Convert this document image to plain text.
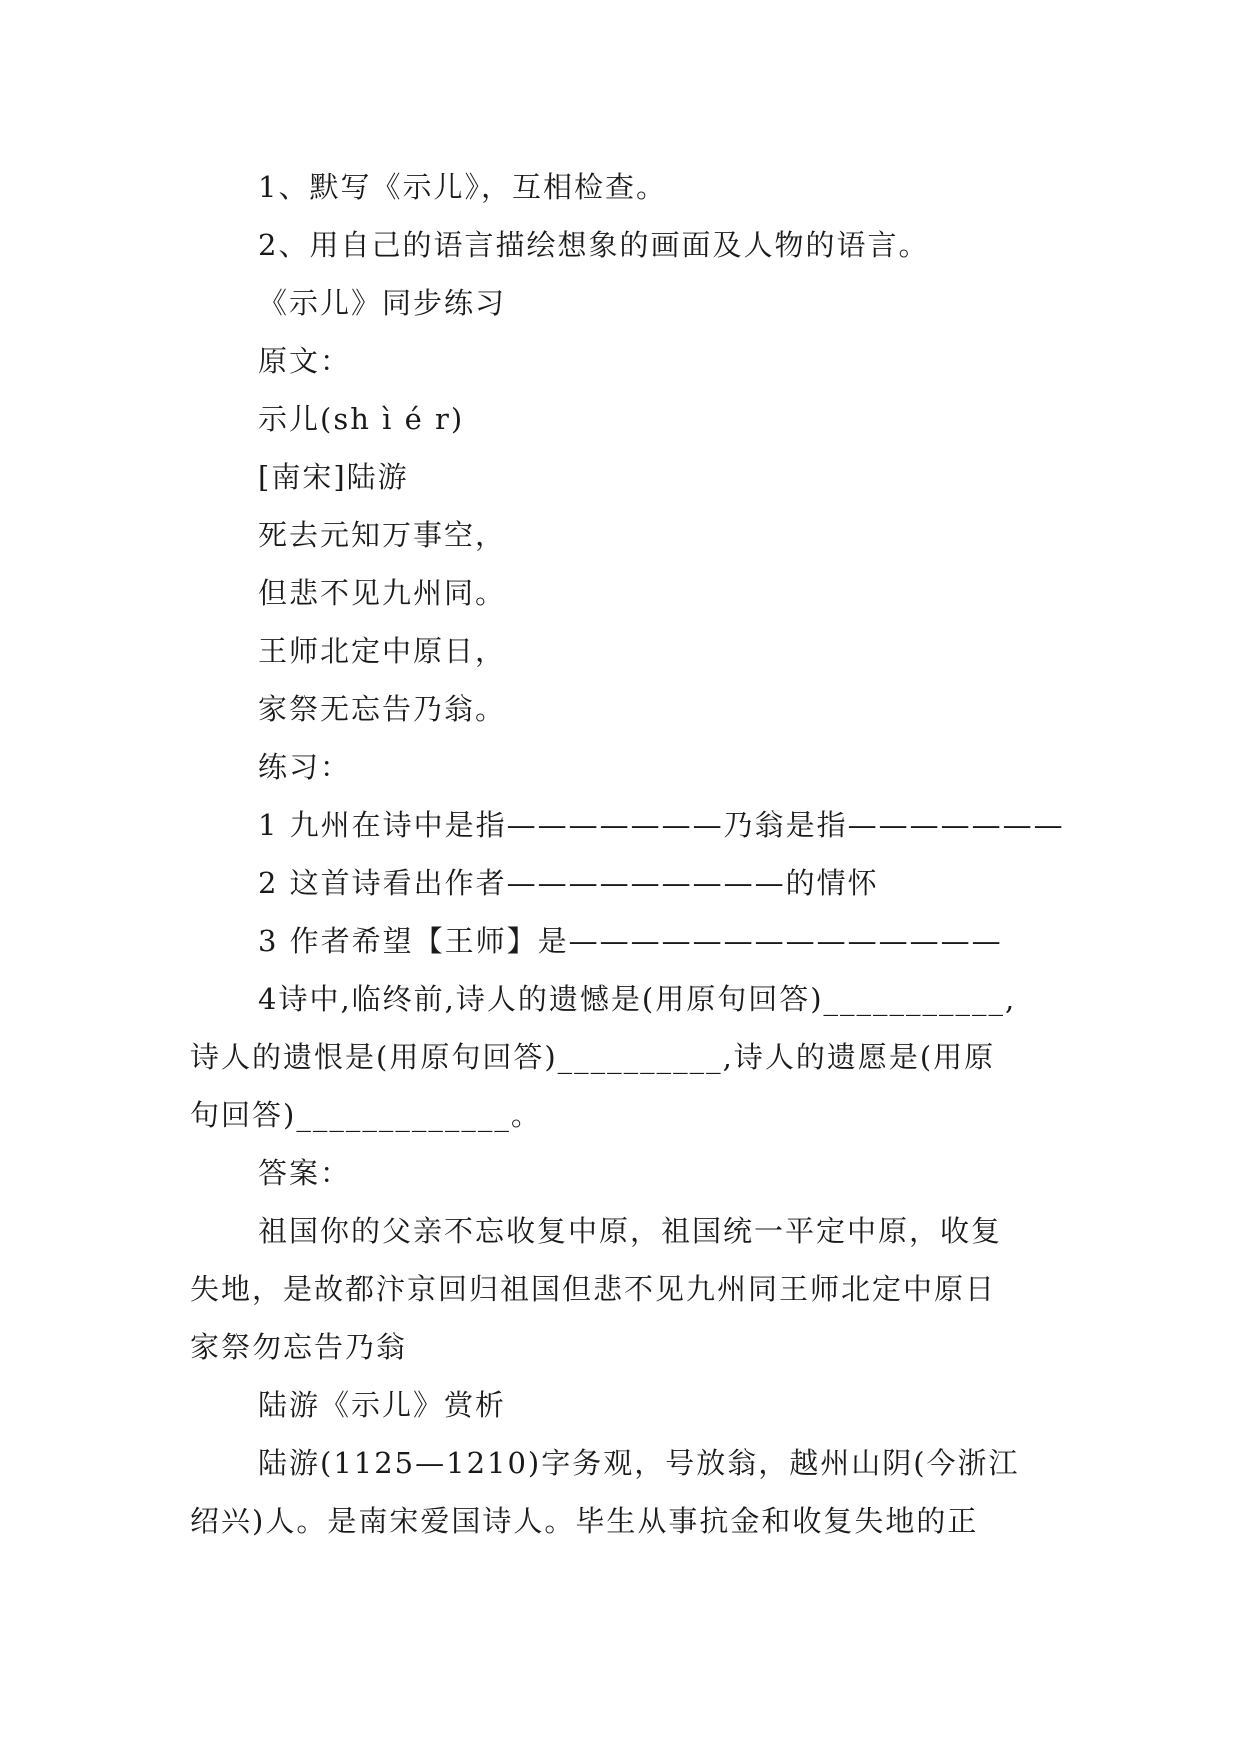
1、默写《示儿》，互相检查。
2、用自己的语言描绘想象的画面及人物的语言。
《示儿》同步练习
原文：
示儿(sh ì é r)
[南宋]陆游
死去元知万事空，
但悲不见九州同。
王师北定中原日，
家祭无忘告乃翁。
练习：
1 九州在诗中是指———————乃翁是指———————
2 这首诗看出作者—————————的情怀
3 作者希望【王师】是——————————————
4诗中,临终前,诗人的遗憾是(用原句回答)___________,
诗人的遗恨是(用原句回答)__________,诗人的遗愿是(用原
句回答)_____________。
答案：
祖国你的父亲不忘收复中原，祖国统一平定中原，收复
失地，是故都汴京回归祖国但悲不见九州同王师北定中原日
家祭勿忘告乃翁
陆游《示儿》赏析
陆游(1125—1210)字务观，号放翁，越州山阴(今浙江
绍兴)人。是南宋爱国诗人。毕生从事抗金和收复失地的正
